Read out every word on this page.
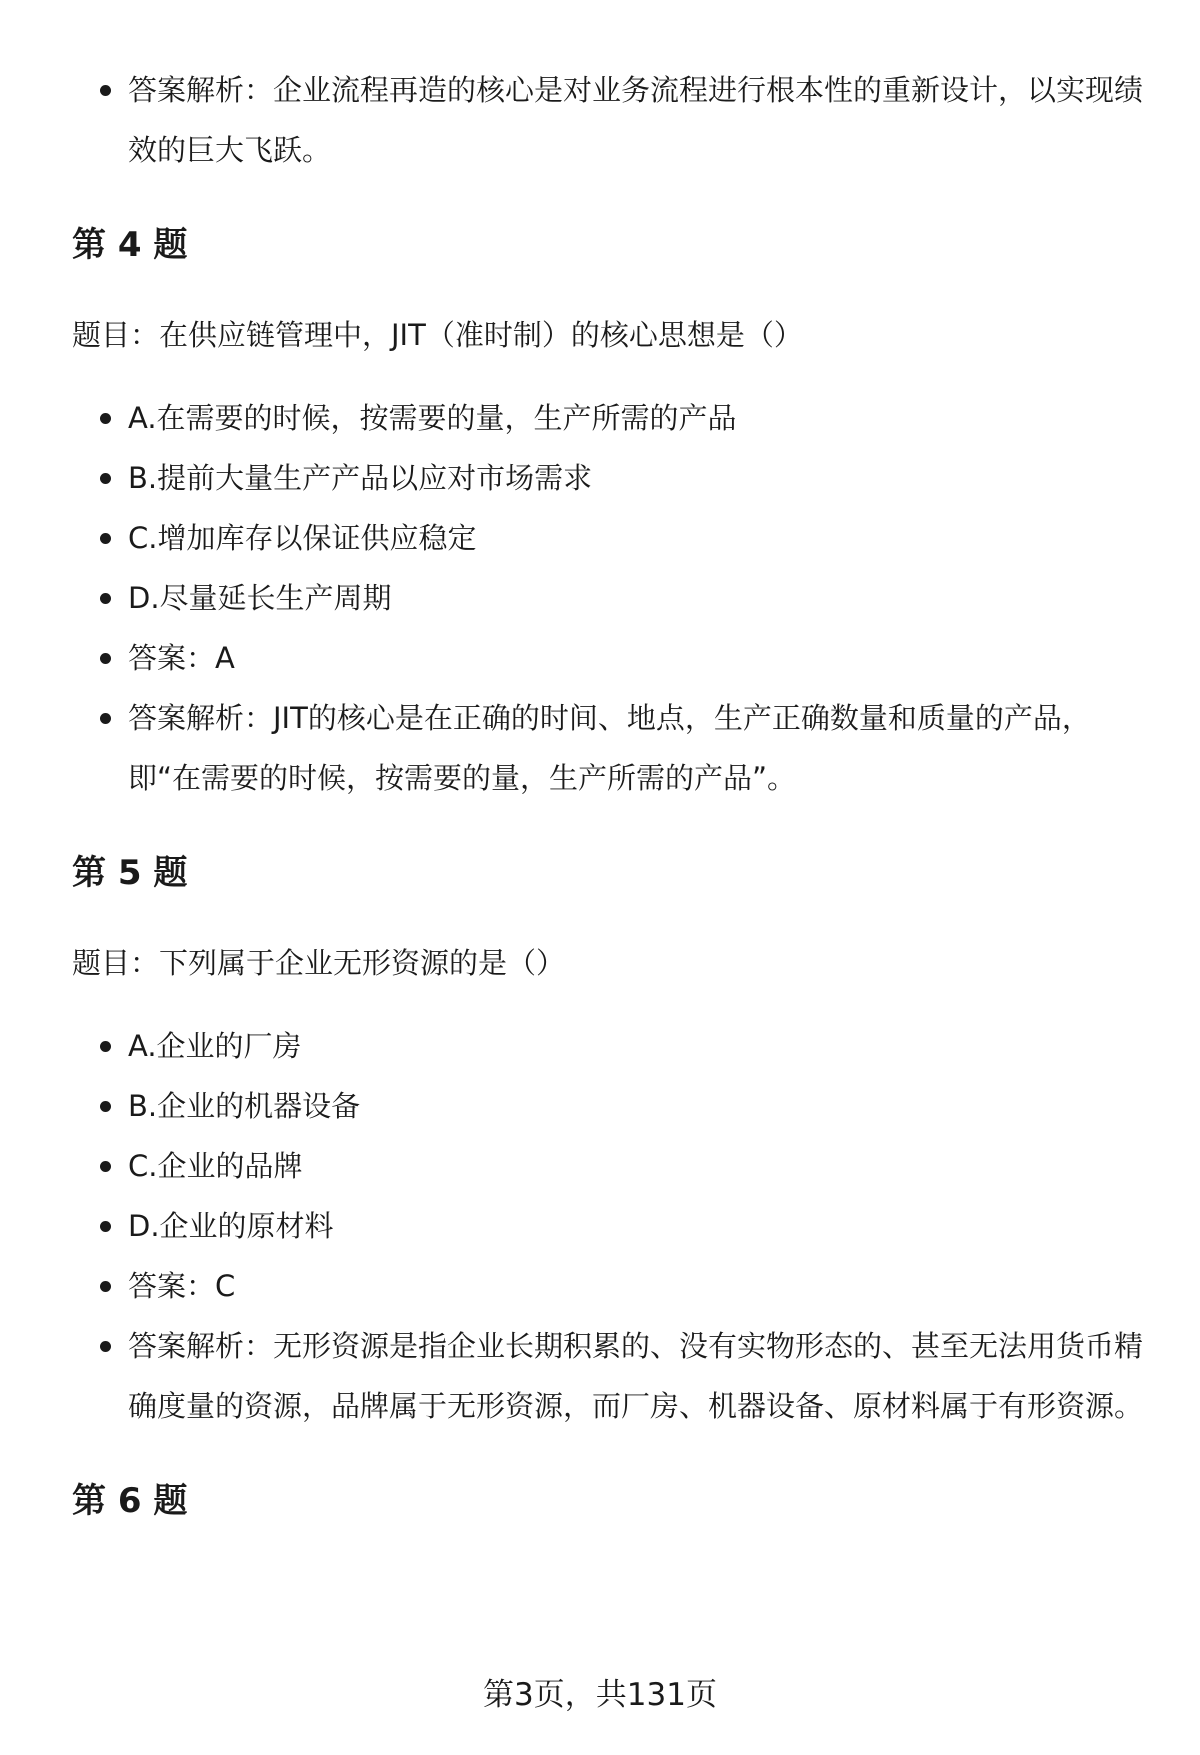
答案解析：企业流程再造的核心是对业务流程进行根本性的重新设计，以实现绩效的巨大飞跃。
第 4 题

题目：在供应链管理中，JIT（准时制）的核心思想是（）

A.在需要的时候，按需要的量，生产所需的产品
B.提前大量生产产品以应对市场需求
C.增加库存以保证供应稳定
D.尽量延长生产周期
答案：A
答案解析：JIT的核心是在正确的时间、地点，生产正确数量和质量的产品，即“在需要的时候，按需要的量，生产所需的产品”。
第 5 题

题目：下列属于企业无形资源的是（）

A.企业的厂房
B.企业的机器设备
C.企业的品牌
D.企业的原材料
答案：C
答案解析：无形资源是指企业长期积累的、没有实物形态的、甚至无法用货币精确度量的资源，品牌属于无形资源，而厂房、机器设备、原材料属于有形资源。
第 6 题
第3页，共131页
